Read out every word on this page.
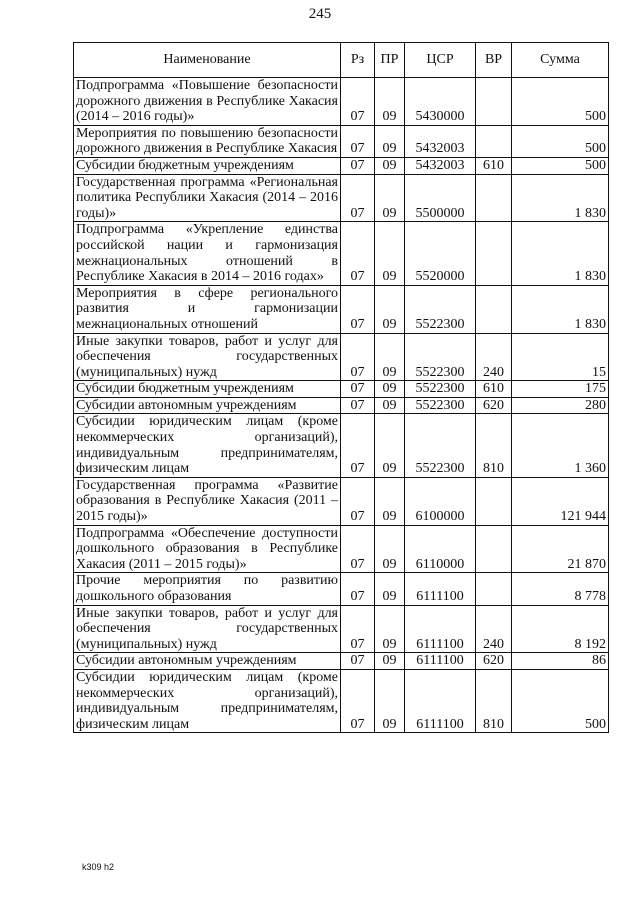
245
Наименование	Рз	ПР	ЦСР	ВР	Сумма
Подпрограмма «Повышение безопасности дорожного движения в Республике Хакасия (2014 – 2016 годы)»	07	09	5430000		500
Мероприятия по повышению безопасности дорожного движения в Республике Хакасия	07	09	5432003		500
Субсидии бюджетным учреждениям	07	09	5432003	610	500
Государственная программа «Региональная политика Республики Хакасия (2014 – 2016 годы)»	07	09	5500000		1 830
Подпрограмма «Укрепление единства российской нации и гармонизация межнациональных отношений в Республике Хакасия в 2014 – 2016 годах»	07	09	5520000		1 830
Мероприятия в сфере регионального развития и гармонизации межнациональных отношений	07	09	5522300		1 830
Иные закупки товаров, работ и услуг для обеспечения государственных (муниципальных) нужд	07	09	5522300	240	15
Субсидии бюджетным учреждениям	07	09	5522300	610	175
Субсидии автономным учреждениям	07	09	5522300	620	280
Субсидии юридическим лицам (кроме некоммерческих организаций), индивидуальным предпринимателям, физическим лицам	07	09	5522300	810	1 360
Государственная программа «Развитие образования в Республике Хакасия (2011 – 2015 годы)»	07	09	6100000		121 944
Подпрограмма «Обеспечение доступности дошкольного образования в Республике Хакасия (2011 – 2015 годы)»	07	09	6110000		21 870
Прочие мероприятия по развитию дошкольного образования	07	09	6111100		8 778
Иные закупки товаров, работ и услуг для обеспечения государственных (муниципальных) нужд	07	09	6111100	240	8 192
Субсидии автономным учреждениям	07	09	6111100	620	86
Субсидии юридическим лицам (кроме некоммерческих организаций), индивидуальным предпринимателям, физическим лицам	07	09	6111100	810	500
k309 h2
